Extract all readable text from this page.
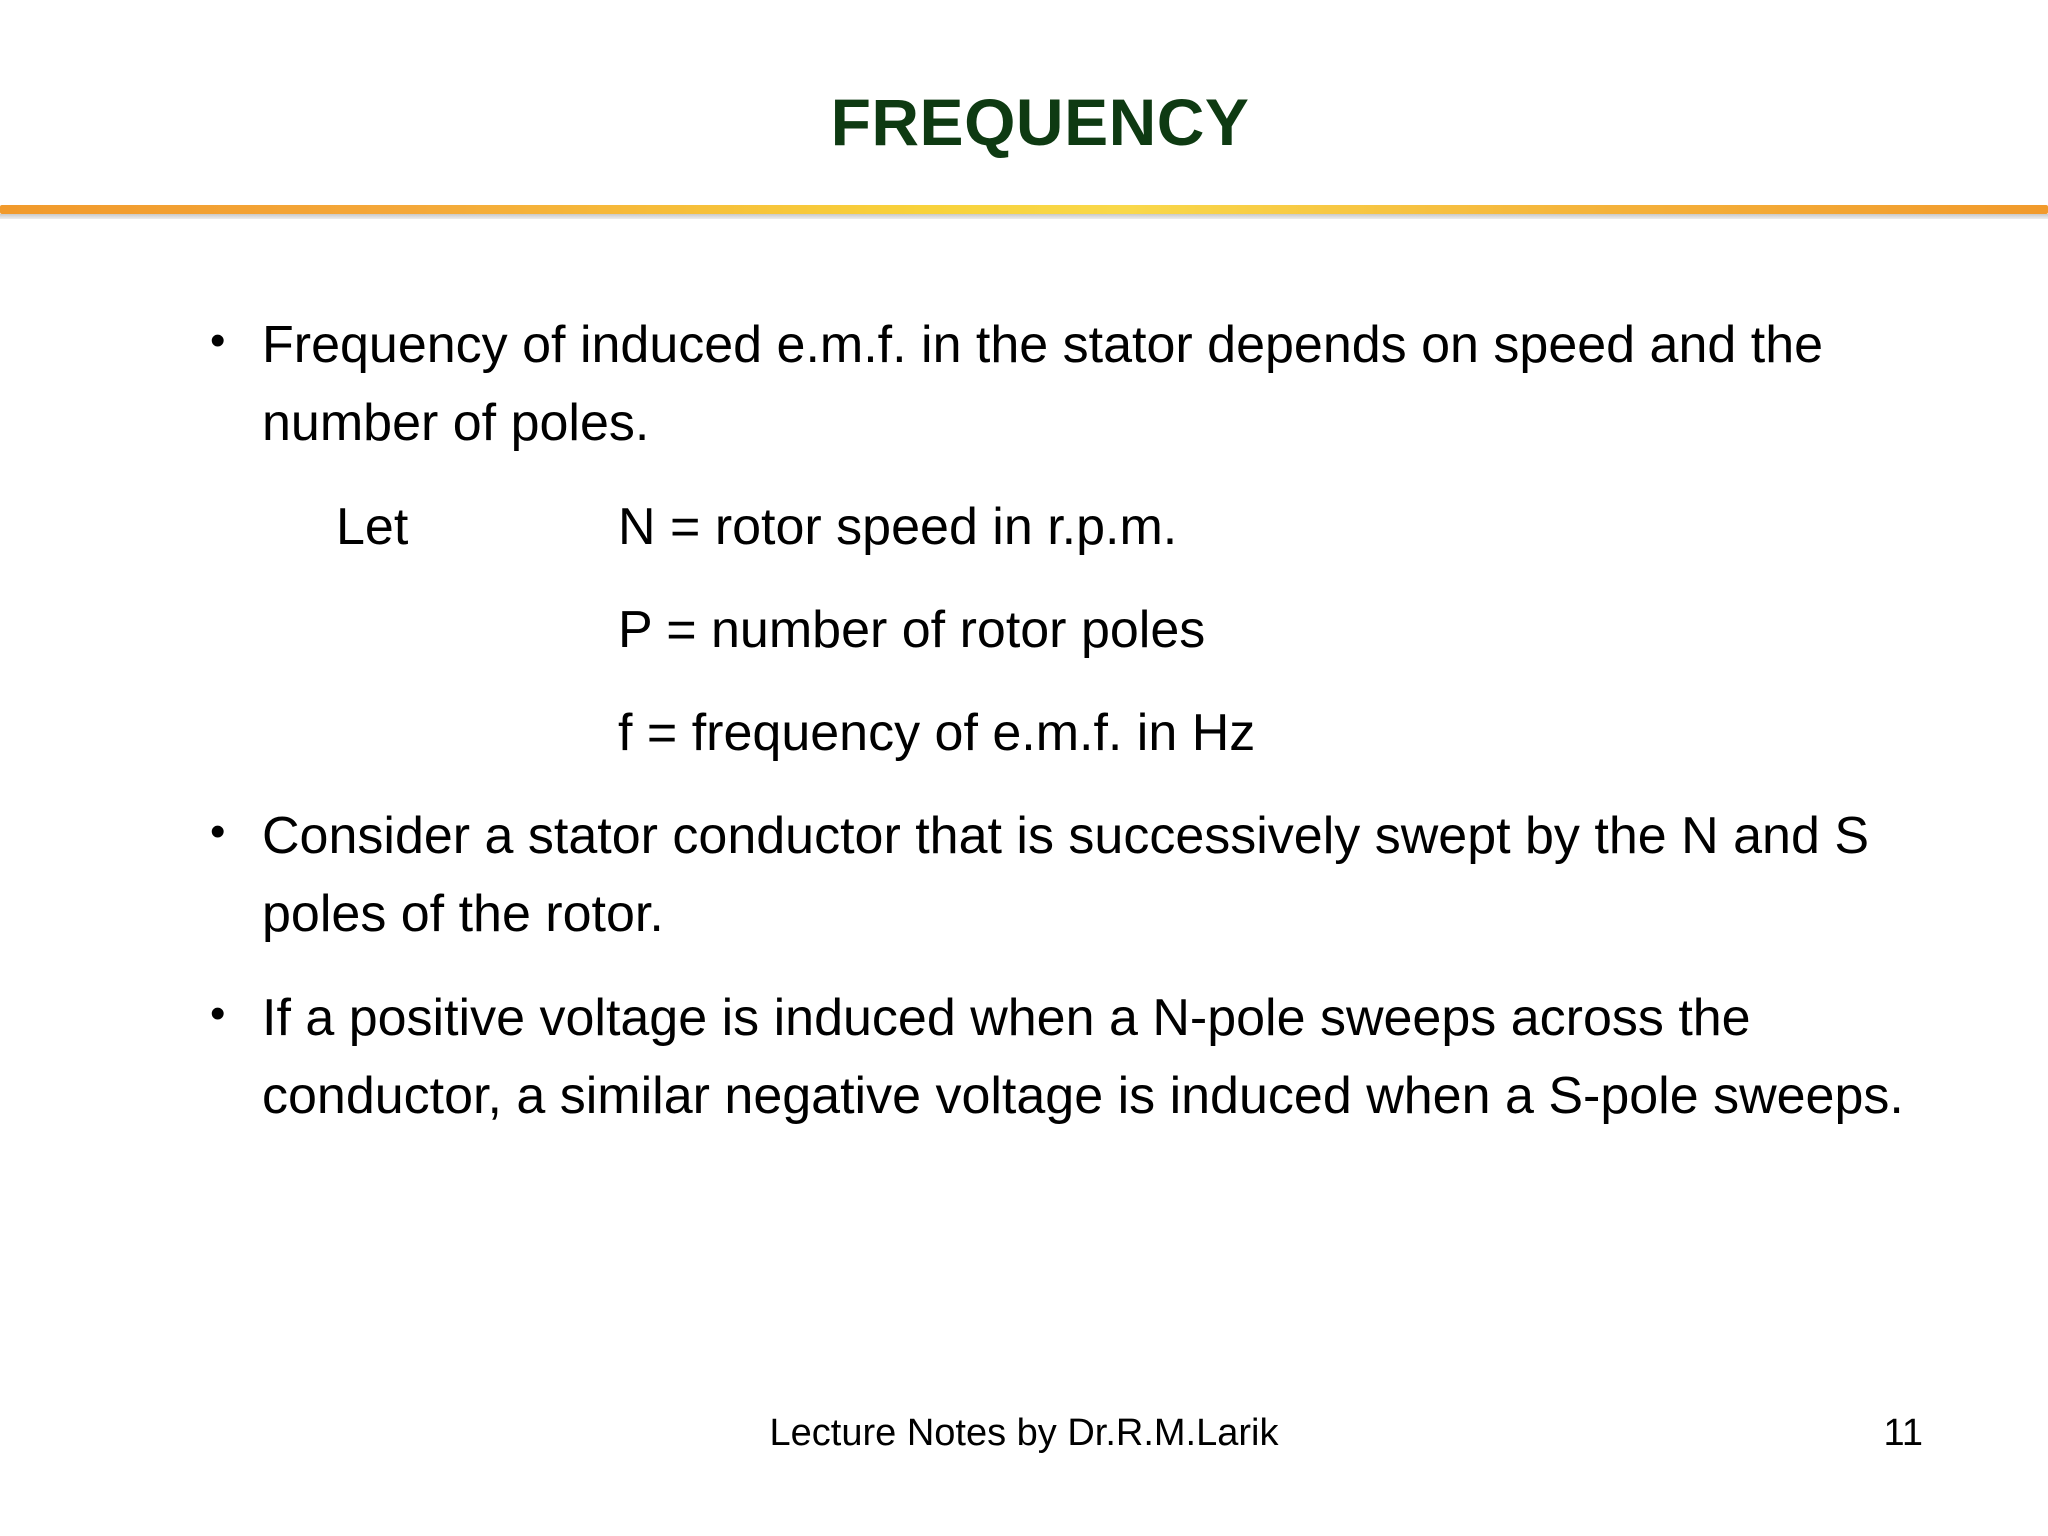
FREQUENCY
• Frequency of induced e.m.f. in the stator depends on speed and the number of poles.
Let	N = rotor speed in r.p.m.
P = number of rotor poles
f = frequency of e.m.f. in Hz
• Consider a stator conductor that is successively swept by the N and S poles of the rotor.
• If a positive voltage is induced when a N-pole sweeps across the conductor, a similar negative voltage is induced when a S-pole sweeps.
Lecture Notes by Dr.R.M.Larik	11
